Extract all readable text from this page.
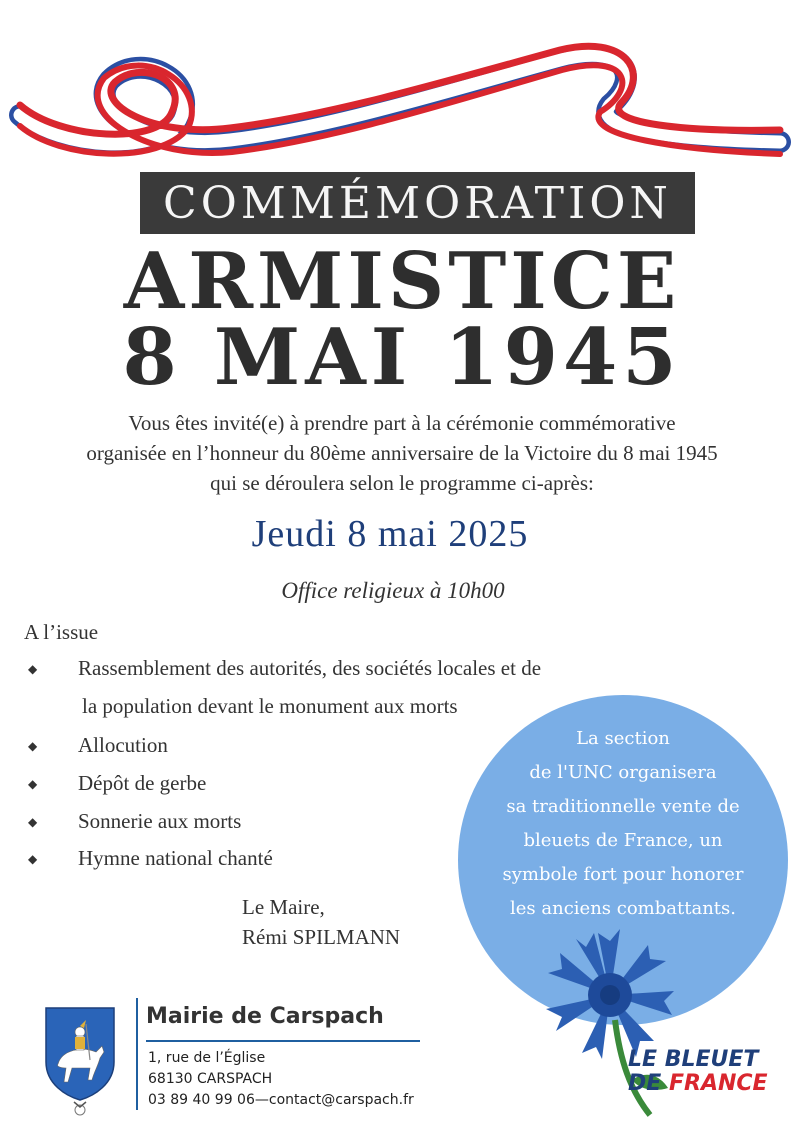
COMMÉMORATION
ARMISTICE
8 MAI 1945
Vous êtes invité(e) à prendre part à la cérémonie commémorative
organisée en l’honneur du 80ème anniversaire de la Victoire du 8 mai 1945
qui se déroulera selon le programme ci-après:
Jeudi 8 mai 2025
Office religieux à 10h00
A l’issue
◆ Rassemblement des autorités, des sociétés locales et de
la population devant le monument aux morts
◆ Allocution
◆ Dépôt de gerbe
◆ Sonnerie aux morts
◆ Hymne national chanté
Le Maire,
Rémi SPILMANN
La section
de l'UNC organisera
sa traditionnelle vente de
bleuets de France, un
symbole fort pour honorer
les anciens combattants.
LE BLEUET
DE FRANCE
Mairie de Carspach
1, rue de l’Église
68130 CARSPACH
03 89 40 99 06—contact@carspach.fr
